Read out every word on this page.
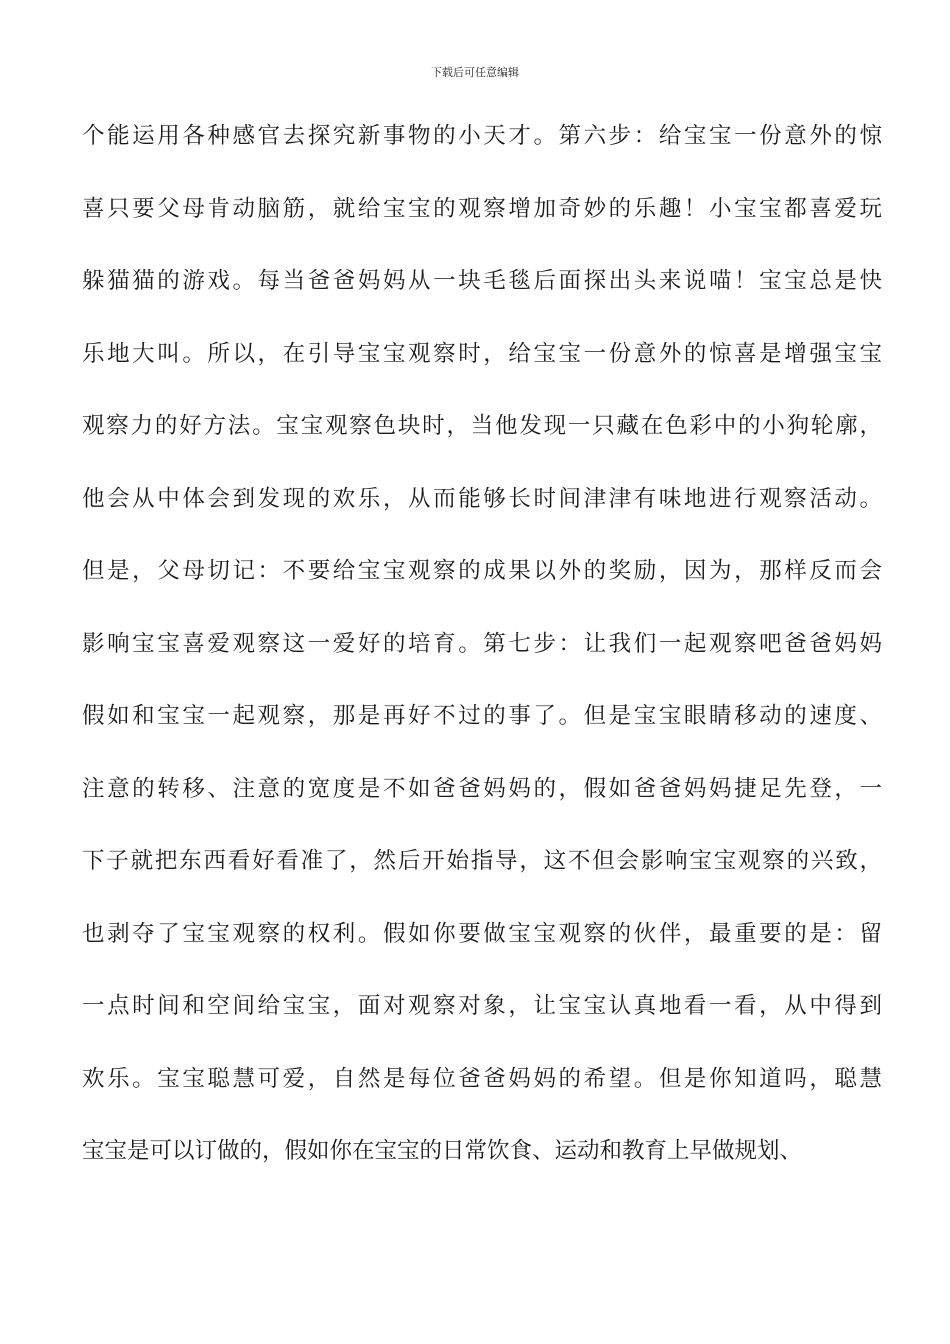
下载后可任意编辑
个能运用各种感官去探究新事物的小天才。第六步：给宝宝一份意外的惊
喜只要父母肯动脑筋，就给宝宝的观察增加奇妙的乐趣！小宝宝都喜爱玩
躲猫猫的游戏。每当爸爸妈妈从一块毛毯后面探出头来说喵！宝宝总是快
乐地大叫。所以，在引导宝宝观察时，给宝宝一份意外的惊喜是增强宝宝
观察力的好方法。宝宝观察色块时，当他发现一只藏在色彩中的小狗轮廓，
他会从中体会到发现的欢乐，从而能够长时间津津有味地进行观察活动。
但是，父母切记：不要给宝宝观察的成果以外的奖励，因为，那样反而会
影响宝宝喜爱观察这一爱好的培育。第七步：让我们一起观察吧爸爸妈妈
假如和宝宝一起观察，那是再好不过的事了。但是宝宝眼睛移动的速度、
注意的转移、注意的宽度是不如爸爸妈妈的，假如爸爸妈妈捷足先登，一
下子就把东西看好看准了，然后开始指导，这不但会影响宝宝观察的兴致，
也剥夺了宝宝观察的权利。假如你要做宝宝观察的伙伴，最重要的是：留
一点时间和空间给宝宝，面对观察对象，让宝宝认真地看一看，从中得到
欢乐。宝宝聪慧可爱，自然是每位爸爸妈妈的希望。但是你知道吗，聪慧
宝宝是可以订做的，假如你在宝宝的日常饮食、运动和教育上早做规划、
